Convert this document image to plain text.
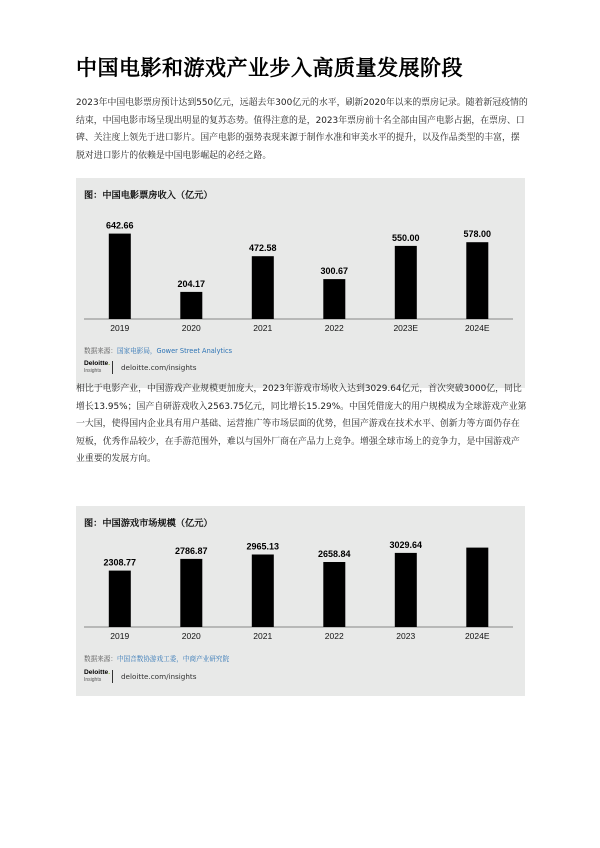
中国电影和游戏产业步入高质量发展阶段

2023年中国电影票房预计达到550亿元，远超去年300亿元的水平，刷新2020年以来的票房记录。随着新冠疫情的结束，中国电影市场呈现出明显的复苏态势。值得注意的是，2023年票房前十名全部由国产电影占据，在票房、口碑、关注度上领先于进口影片。国产电影的强势表现来源于制作水准和审美水平的提升，以及作品类型的丰富，摆脱对进口影片的依赖是中国电影崛起的必经之路。

图：中国电影票房收入（亿元）
642.66
2019
204.17
2020
472.58
2021
300.67
2022
550.00
2023E
578.00
2024E
数据来源：国家电影局，Gower Street Analytics
Deloitte.
Insights	deloitte.com/insights

相比于电影产业，中国游戏产业规模更加庞大，2023年游戏市场收入达到3029.64亿元，首次突破3000亿，同比增长13.95%；国产自研游戏收入2563.75亿元，同比增长15.29%。中国凭借庞大的用户规模成为全球游戏产业第一大国，使得国内企业具有用户基础、运营推广等市场层面的优势，但国产游戏在技术水平、创新力等方面仍存在短板，优秀作品较少，在手游范围外，难以与国外厂商在产品力上竞争。增强全球市场上的竞争力，是中国游戏产业重要的发展方向。

图：中国游戏市场规模（亿元）
2308.77
2019
2786.87
2020
2965.13
2021
2658.84
2022
3029.64
2023	2024E
数据来源：中国音数协游戏工委，中商产业研究院
Deloitte.
Insights	deloitte.com/insights
